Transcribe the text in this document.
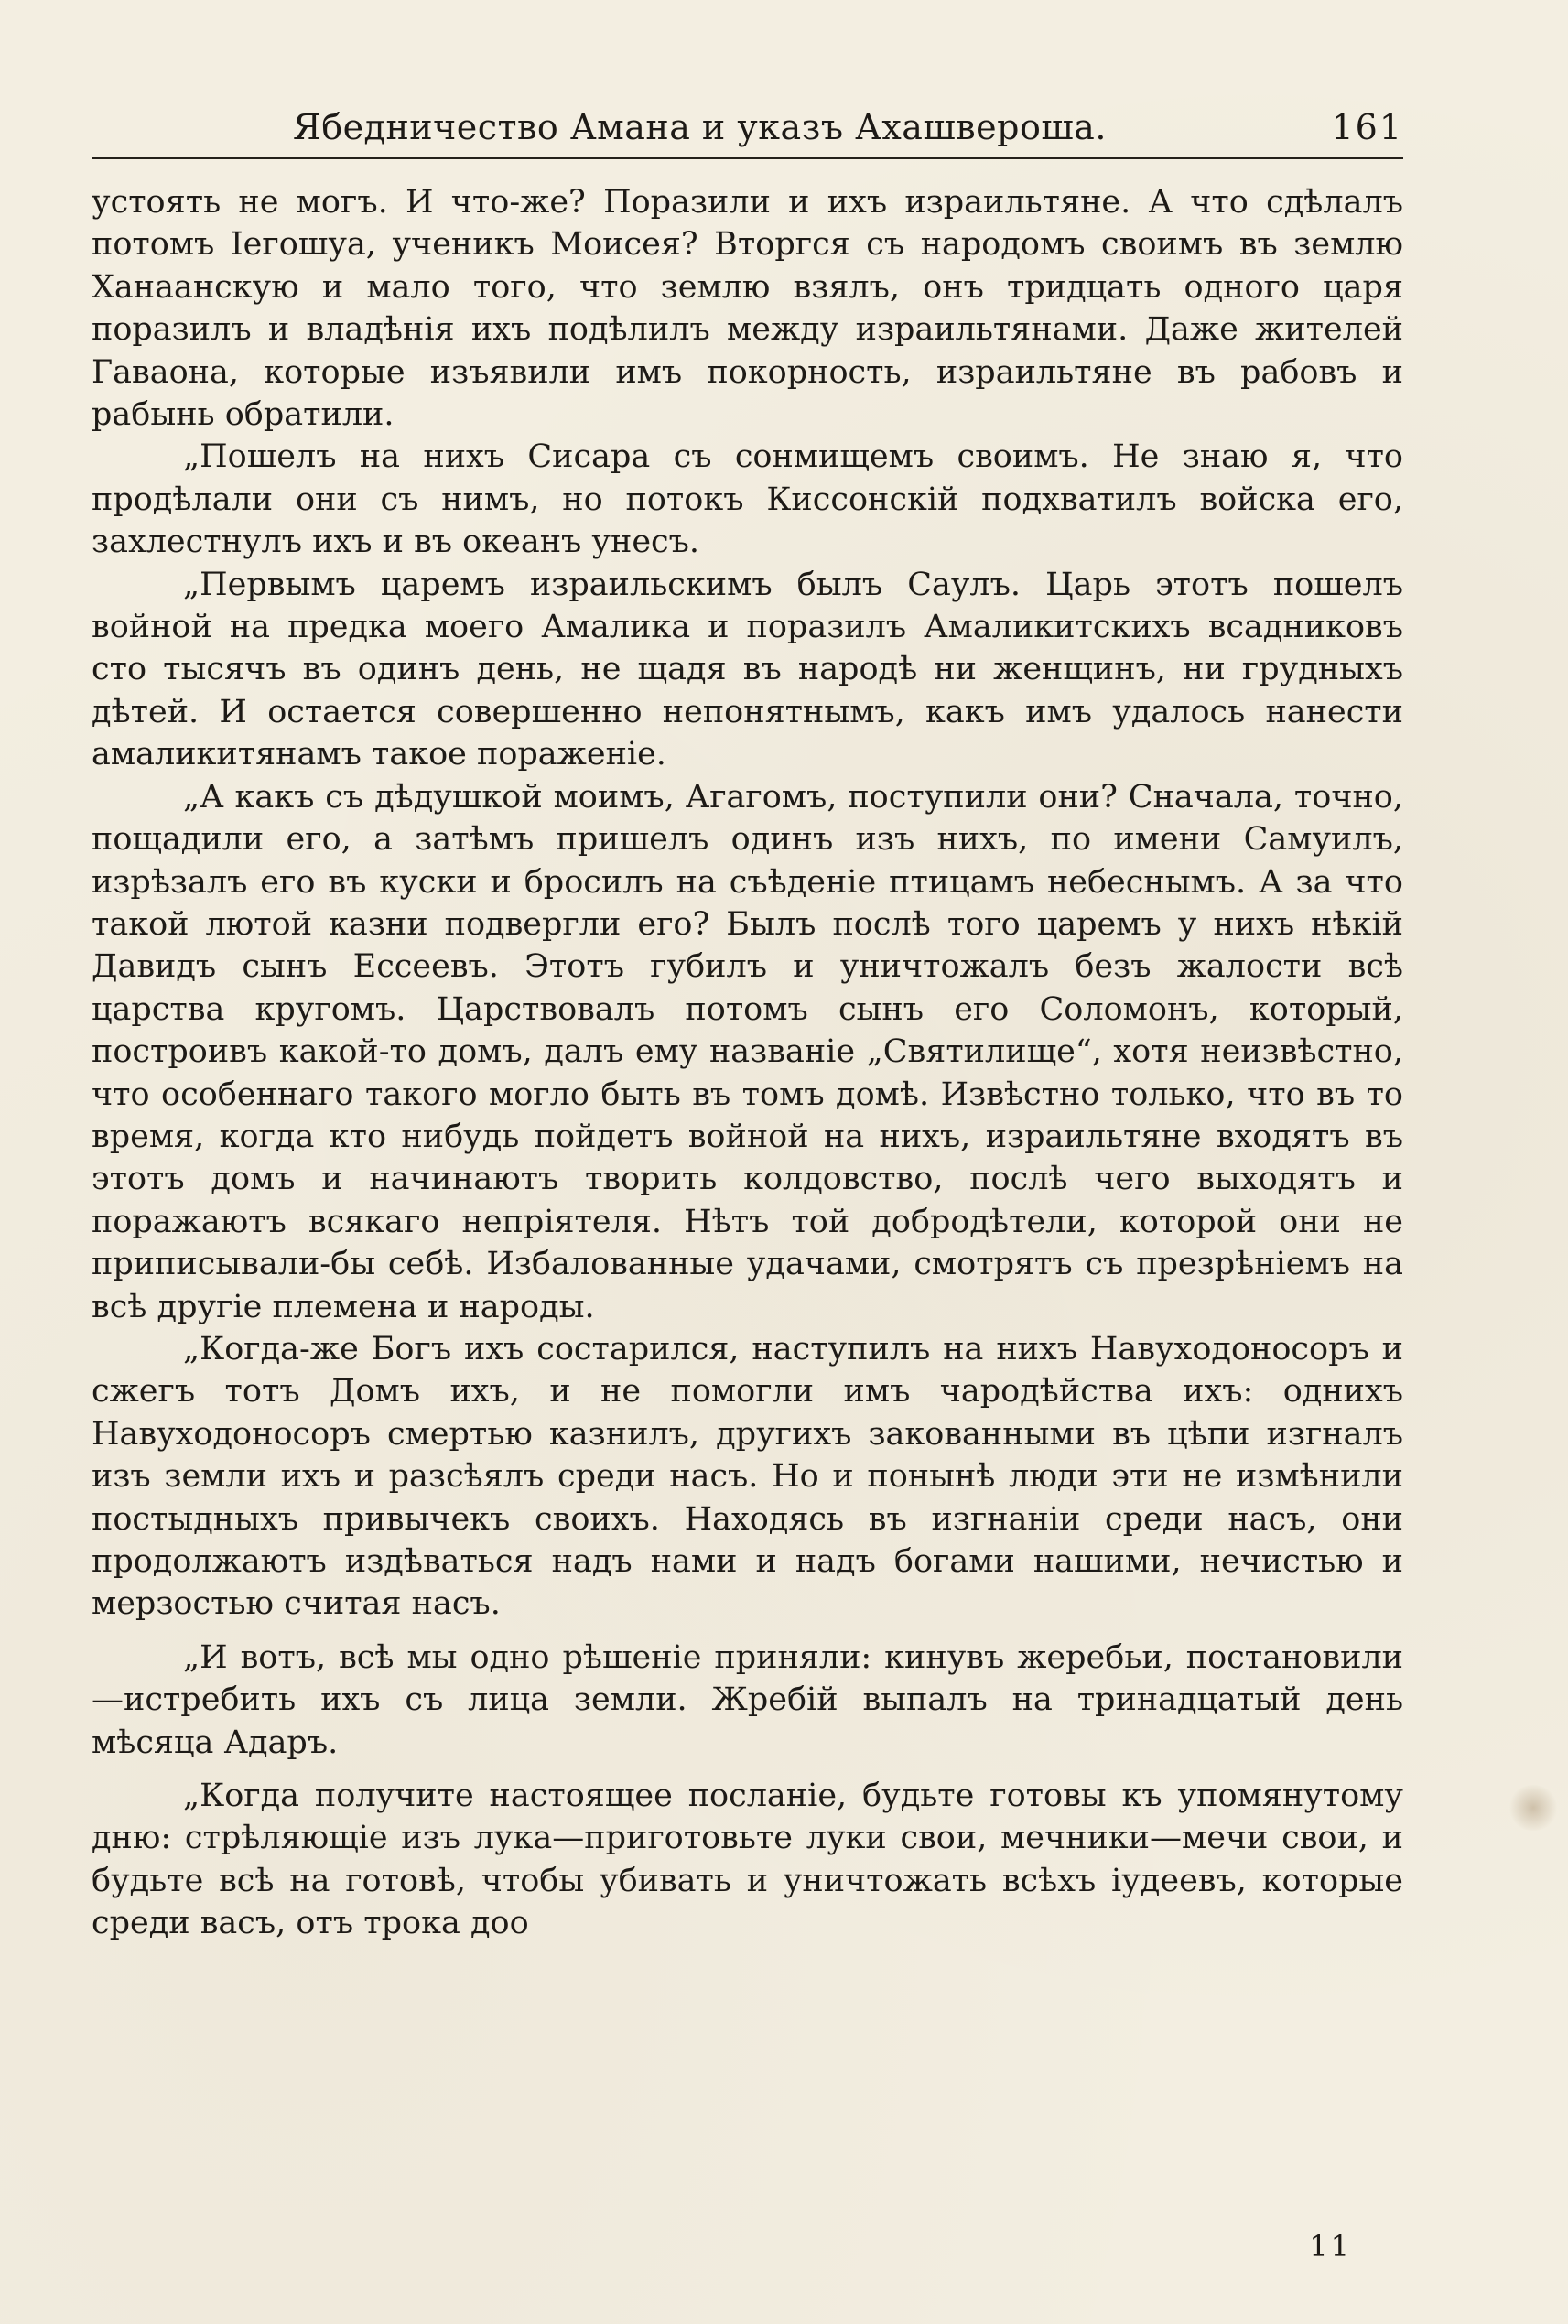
Ябедничество Амана и указъ Ахашвероша.	161

устоять не могъ. И что-же? Поразили и ихъ израильтяне. А что сдѣлалъ потомъ Іегошуа, ученикъ Моисея? Вторгся съ народомъ своимъ въ землю Ханаанскую и мало того, что землю взялъ, онъ тридцать одного царя поразилъ и владѣнія ихъ подѣлилъ между израильтянами. Даже жителей Гаваона, которые изъявили имъ покорность, израильтяне въ рабовъ и рабынь обратили.

„Пошелъ на нихъ Сисара съ сонмищемъ своимъ. Не знаю я, что продѣлали они съ нимъ, но потокъ Киссонскій подхватилъ войска его, захлестнулъ ихъ и въ океанъ унесъ.

„Первымъ царемъ израильскимъ былъ Саулъ. Царь этотъ пошелъ войной на предка моего Амалика и поразилъ Амаликитскихъ всадниковъ сто тысячъ въ одинъ день, не щадя въ народѣ ни женщинъ, ни грудныхъ дѣтей. И остается совершенно непонятнымъ, какъ имъ удалось нанести амаликитянамъ такое пораженіе.

„А какъ съ дѣдушкой моимъ, Агагомъ, поступили они? Сначала, точно, пощадили его, а затѣмъ пришелъ одинъ изъ нихъ, по имени Самуилъ, изрѣзалъ его въ куски и бросилъ на съѣденіе птицамъ небеснымъ. А за что такой лютой казни подвергли его? Былъ послѣ того царемъ у нихъ нѣкій Давидъ сынъ Ессеевъ. Этотъ губилъ и уничтожалъ безъ жалости всѣ царства кругомъ. Царствовалъ потомъ сынъ его Соломонъ, который, построивъ какой-то домъ, далъ ему названіе „Святилище“, хотя неизвѣстно, что особеннаго такого могло быть въ томъ домѣ. Извѣстно только, что въ то время, когда кто нибудь пойдетъ войной на нихъ, израильтяне входятъ въ этотъ домъ и начинаютъ творить колдовство, послѣ чего выходятъ и поражаютъ всякаго непріятеля. Нѣтъ той добродѣтели, которой они не приписывали-бы себѣ. Избалованные удачами, смотрятъ съ презрѣніемъ на всѣ другіе племена и народы.

„Когда-же Богъ ихъ состарился, наступилъ на нихъ Навуходоносоръ и сжегъ тотъ Домъ ихъ, и не помогли имъ чародѣйства ихъ: однихъ Навуходоносоръ смертью казнилъ, другихъ закованными въ цѣпи изгналъ изъ земли ихъ и разсѣялъ среди насъ. Но и понынѣ люди эти не измѣнили постыдныхъ привычекъ своихъ. Находясь въ изгнаніи среди насъ, они продолжаютъ издѣваться надъ нами и надъ богами нашими, нечистью и мерзостью считая насъ.

„И вотъ, всѣ мы одно рѣшеніе приняли: кинувъ жеребьи, постановили—истребить ихъ съ лица земли. Жребій выпалъ на тринадцатый день мѣсяца Адаръ.

„Когда получите настоящее посланіе, будьте готовы къ упомянутому дню: стрѣляющіе изъ лука—приготовьте луки свои, мечники—мечи свои, и будьте всѣ на готовѣ, чтобы убивать и уничтожать всѣхъ іудеевъ, которые среди васъ, отъ трока доо

11
